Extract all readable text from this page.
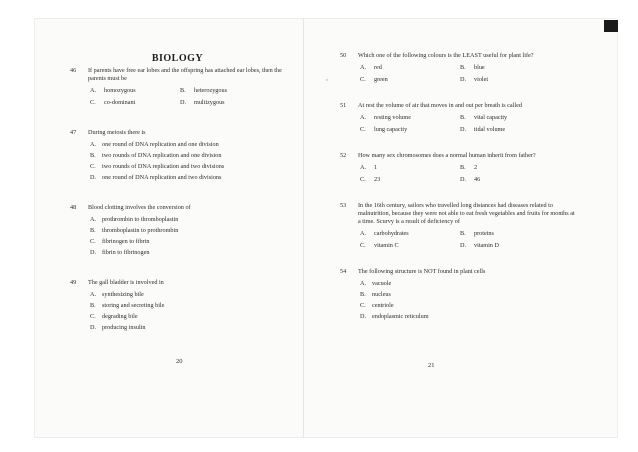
‘
BIOLOGY
46 If parents have free ear lobes and the offspring has attached ear lobes, then the parents must be
A.	homozygous	B.	heterozygous
C.	co-dominant	D.	multizygous
47 During meiosis there is
A. one round of DNA replication and one division
B.	two rounds of DNA replication and one division
C.	two rounds of DNA replication and two divisions
D. one round of DNA replication and two divisions
48 Blood clotting involves the conversion of
A. prothrombin to thromboplastin
B.	thromboplastin to prothrombin
C.	fibrinogen to fibrin
D. fibrin to fibrinogen
49 The gall bladder is involved in
A. synthesizing bile
B.	storing and secreting bile
C.	degrading bile
D. producing insulin
20
50 Which one of the following colours is the LEAST useful for plant life?
A.	red	B.	blue
C.	green	D.	violet
51 At rest the volume of air that moves in and out per breath is called
A.	resting volume	B.	vital capacity
C.	lung capacity	D.	tidal volume
52 How many sex chromosomes does a normal human inherit from father?
A.	1	B.	2
C.	23	D.	46
53 In the 16th century, sailors who travelled long distances had diseases related to malnutrition, because they were not able to eat fresh vegetables and fruits for months at a time. Scurvy is a result of deficiency of
A.	carbohydrates	B.	proteins
C.	vitamin C	D.	vitamin D
54 The following structure is NOT found in plant cells
A. vacuole
B.	nucleus
C.	centriole
D. endoplasmic reticulum
21
